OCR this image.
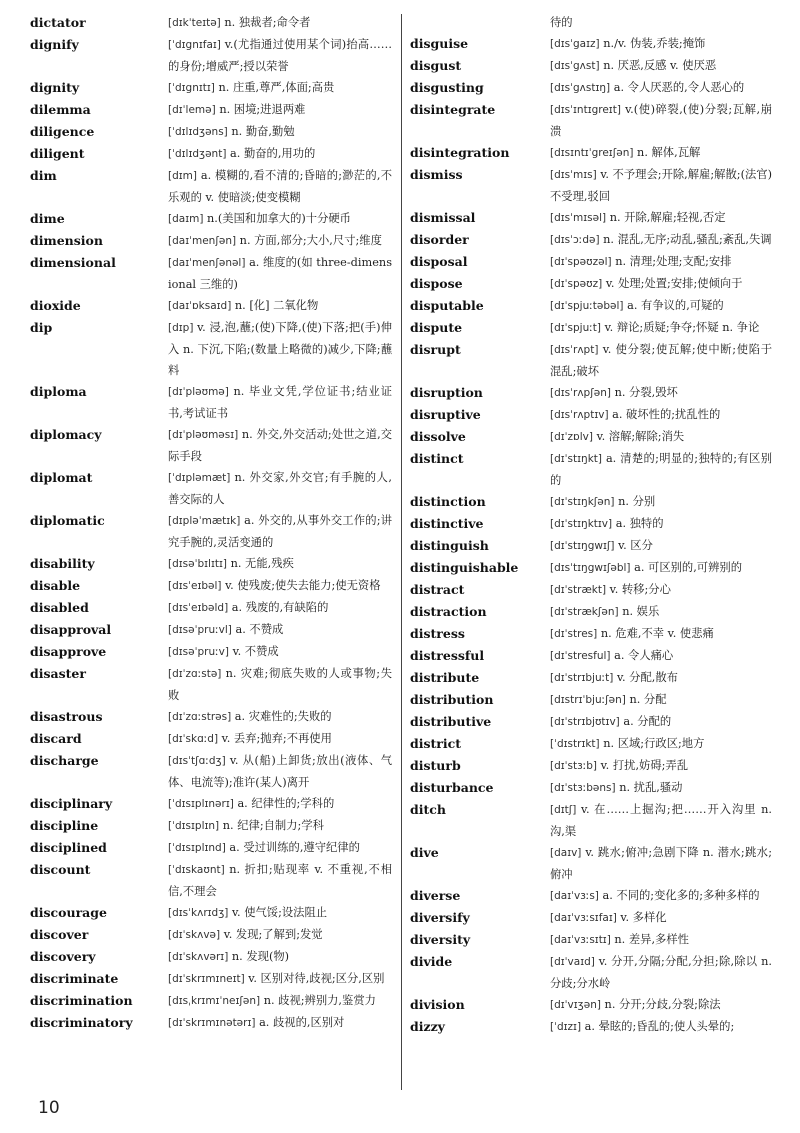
dictator	[dɪkˈteɪtə] n. 独裁者;命令者
dignify	[ˈdɪgnɪfaɪ] v.(尤指通过使用某个词)抬高……的身份;增威严;授以荣誉
dignity	[ˈdɪgnɪtɪ] n. 庄重,尊严,体面;高贵
dilemma	[dɪˈlemə] n. 困境;进退两难
diligence	[ˈdɪlɪdʒəns] n. 勤奋,勤勉
diligent	[ˈdɪlɪdʒənt] a. 勤奋的,用功的
dim	[dɪm] a. 模糊的,看不清的;昏暗的;渺茫的,不乐观的 v. 使暗淡;使变模糊
dime	[daɪm] n.(美国和加拿大的)十分硬币
dimension	[daɪˈmenʃən] n. 方面,部分;大小,尺寸;维度
dimensional	[daɪˈmenʃənəl] a. 维度的(如 three-dimensional 三维的)
dioxide	[daɪˈɒksaɪd] n. [化] 二氧化物
dip	[dɪp] v. 浸,泡,蘸;(使)下降,(使)下落;把(手)伸入 n. 下沉,下陷;(数量上略微的)减少,下降;蘸料
diploma	[dɪˈpləʊmə] n. 毕业文凭,学位证书;结业证书,考试证书
diplomacy	[dɪˈpləʊməsɪ] n. 外交,外交活动;处世之道,交际手段
diplomat	[ˈdɪpləmæt] n. 外交家,外交官;有手腕的人,善交际的人
diplomatic	[dɪpləˈmætɪk] a. 外交的,从事外交工作的;讲究手腕的,灵活变通的
disability	[dɪsəˈbɪlɪtɪ] n. 无能,残疾
disable	[dɪsˈeɪbəl] v. 使残废;使失去能力;使无资格
disabled	[dɪsˈeɪbəld] a. 残废的,有缺陷的
disapproval	[dɪsəˈpruːvl] a. 不赞成
disapprove	[dɪsəˈpruːv] v. 不赞成
disaster	[dɪˈzɑːstə] n. 灾难;彻底失败的人或事物;失败
disastrous	[dɪˈzɑːstrəs] a. 灾难性的;失败的
discard	[dɪˈskɑːd] v. 丢弃;抛弃;不再使用
discharge	[dɪsˈtʃɑːdʒ] v. 从(船)上卸货;放出(液体、气体、电流等);准许(某人)离开
disciplinary	[ˈdɪsɪplɪnərɪ] a. 纪律性的;学科的
discipline	[ˈdɪsɪplɪn] n. 纪律;自制力;学科
disciplined	[ˈdɪsɪplɪnd] a. 受过训练的,遵守纪律的
discount	[ˈdɪskaʊnt] n. 折扣;贴现率 v. 不重视,不相信,不理会
discourage	[dɪsˈkʌrɪdʒ] v. 使气馁;设法阻止
discover	[dɪˈskʌvə] v. 发现;了解到;发觉
discovery	[dɪˈskʌvərɪ] n. 发现(物)
discriminate	[dɪˈskrɪmɪneɪt] v. 区别对待,歧视;区分,区别
discrimination	[dɪsˌkrɪmɪˈneɪʃən] n. 歧视;辨别力,鉴赏力
discriminatory	[dɪˈskrɪmɪnətərɪ] a. 歧视的,区别对
待的
disguise	[dɪsˈgaɪz] n./v. 伪装,乔装;掩饰
disgust	[dɪsˈgʌst] n. 厌恶,反感 v. 使厌恶
disgusting	[dɪsˈgʌstɪŋ] a. 令人厌恶的,令人恶心的
disintegrate	[dɪsˈɪntɪgreɪt] v.(使)碎裂,(使)分裂;瓦解,崩溃
disintegration	[dɪsɪntɪˈgreɪʃən] n. 解体,瓦解
dismiss	[dɪsˈmɪs] v. 不予理会;开除,解雇;解散;(法官)不受理,驳回
dismissal	[dɪsˈmɪsəl] n. 开除,解雇;轻视,否定
disorder	[dɪsˈɔːdə] n. 混乱,无序;动乱,骚乱;紊乱,失调
disposal	[dɪˈspəʊzəl] n. 清理;处理;支配;安排
dispose	[dɪˈspəʊz] v. 处理;处置;安排;使倾向于
disputable	[dɪˈspjuːtəbəl] a. 有争议的,可疑的
dispute	[dɪˈspjuːt] v. 辩论;质疑;争夺;怀疑 n. 争论
disrupt	[dɪsˈrʌpt] v. 使分裂;使瓦解;使中断;使陷于混乱;破坏
disruption	[dɪsˈrʌpʃən] n. 分裂,毁坏
disruptive	[dɪsˈrʌptɪv] a. 破坏性的;扰乱性的
dissolve	[dɪˈzɒlv] v. 溶解;解除;消失
distinct	[dɪˈstɪŋkt] a. 清楚的;明显的;独特的;有区别的
distinction	[dɪˈstɪŋkʃən] n. 分别
distinctive	[dɪˈstɪŋktɪv] a. 独特的
distinguish	[dɪˈstɪŋgwɪʃ] v. 区分
distinguishable	[dɪsˈtɪŋgwɪʃəbl] a. 可区别的,可辨别的
distract	[dɪˈstrækt] v. 转移;分心
distraction	[dɪˈstrækʃən] n. 娱乐
distress	[dɪˈstres] n. 危难,不幸 v. 使悲痛
distressful	[dɪˈstresful] a. 令人痛心
distribute	[dɪˈstrɪbjuːt] v. 分配,散布
distribution	[dɪstrɪˈbjuːʃən] n. 分配
distributive	[dɪˈstrɪbjʊtɪv] a. 分配的
district	[ˈdɪstrɪkt] n. 区域;行政区;地方
disturb	[dɪˈstɜːb] v. 打扰,妨碍;弄乱
disturbance	[dɪˈstɜːbəns] n. 扰乱,骚动
ditch	[dɪtʃ] v. 在……上掘沟;把……开入沟里 n. 沟,渠
dive	[daɪv] v. 跳水;俯冲;急剧下降 n. 潜水;跳水;俯冲
diverse	[daɪˈvɜːs] a. 不同的;变化多的;多种多样的
diversify	[daɪˈvɜːsɪfaɪ] v. 多样化
diversity	[daɪˈvɜːsɪtɪ] n. 差异,多样性
divide	[dɪˈvaɪd] v. 分开,分隔;分配,分担;除,除以 n. 分歧;分水岭
division	[dɪˈvɪʒən] n. 分开;分歧,分裂;除法
dizzy	[ˈdɪzɪ] a. 晕眩的;昏乱的;使人头晕的;
10
